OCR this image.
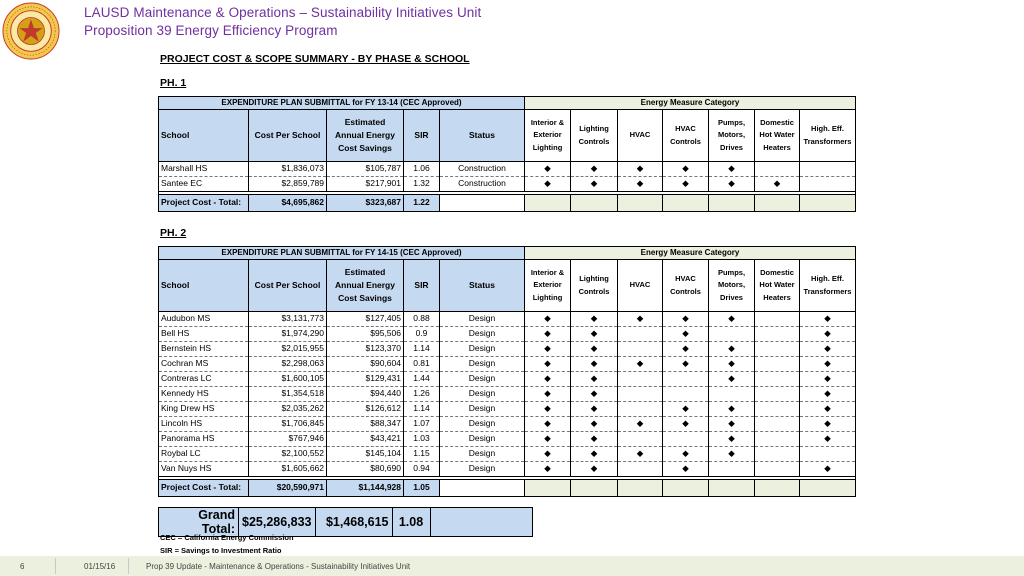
LAUSD Maintenance & Operations – Sustainability Initiatives Unit
Proposition 39 Energy Efficiency Program
PROJECT COST & SCOPE SUMMARY - BY PHASE & SCHOOL
PH. 1
EXPENDITURE PLAN SUBMITTAL for FY 13-14 (CEC Approved)					Energy Measure Category						
School	Cost Per School	Estimated
Annual Energy
Cost Savings	SIR	Status	Interior & Exterior Lighting	Lighting Controls	HVAC	HVAC Controls	Pumps, Motors, Drives	Domestic Hot Water Heaters	High. Eff. Transformers
Marshall HS	$1,836,073	$105,787	1.06	Construction	◆	◆	◆	◆	◆		
Santee EC	$2,859,789	$217,901	1.32	Construction	◆	◆	◆	◆	◆	◆	

Project Cost - Total:	$4,695,862	$323,687	1.22								
PH. 2
EXPENDITURE PLAN SUBMITTAL for FY 14-15 (CEC Approved)					Energy Measure Category						
School	Cost Per School	Estimated
Annual Energy
Cost Savings	SIR	Status	Interior & Exterior Lighting	Lighting Controls	HVAC	HVAC Controls	Pumps, Motors, Drives	Domestic Hot Water Heaters	High. Eff. Transformers
Audubon MS	$3,131,773	$127,405	0.88	Design	◆	◆	◆	◆	◆		◆
Bell HS	$1,974,290	$95,506	0.9	Design	◆	◆		◆			◆
Bernstein HS	$2,015,955	$123,370	1.14	Design	◆	◆		◆	◆		◆
Cochran MS	$2,298,063	$90,604	0.81	Design	◆	◆	◆	◆	◆		◆
Contreras LC	$1,600,105	$129,431	1.44	Design	◆	◆			◆		◆
Kennedy HS	$1,354,518	$94,440	1.26	Design	◆	◆					◆
King Drew HS	$2,035,262	$126,612	1.14	Design	◆	◆		◆	◆		◆
Lincoln HS	$1,706,845	$88,347	1.07	Design	◆	◆	◆	◆	◆		◆
Panorama HS	$767,946	$43,421	1.03	Design	◆	◆			◆		◆
Roybal LC	$2,100,552	$145,104	1.15	Design	◆	◆	◆	◆	◆		
Van Nuys HS	$1,605,662	$80,690	0.94	Design	◆	◆		◆			◆

Project Cost - Total:	$20,590,971	$1,144,928	1.05								
Grand Total:	$25,286,833	$1,468,615	1.08	
CEC = California Energy Commission
SIR = Savings to Investment Ratio
6	01/15/16	Prop 39 Update - Maintenance & Operations - Sustainability Initiatives Unit
